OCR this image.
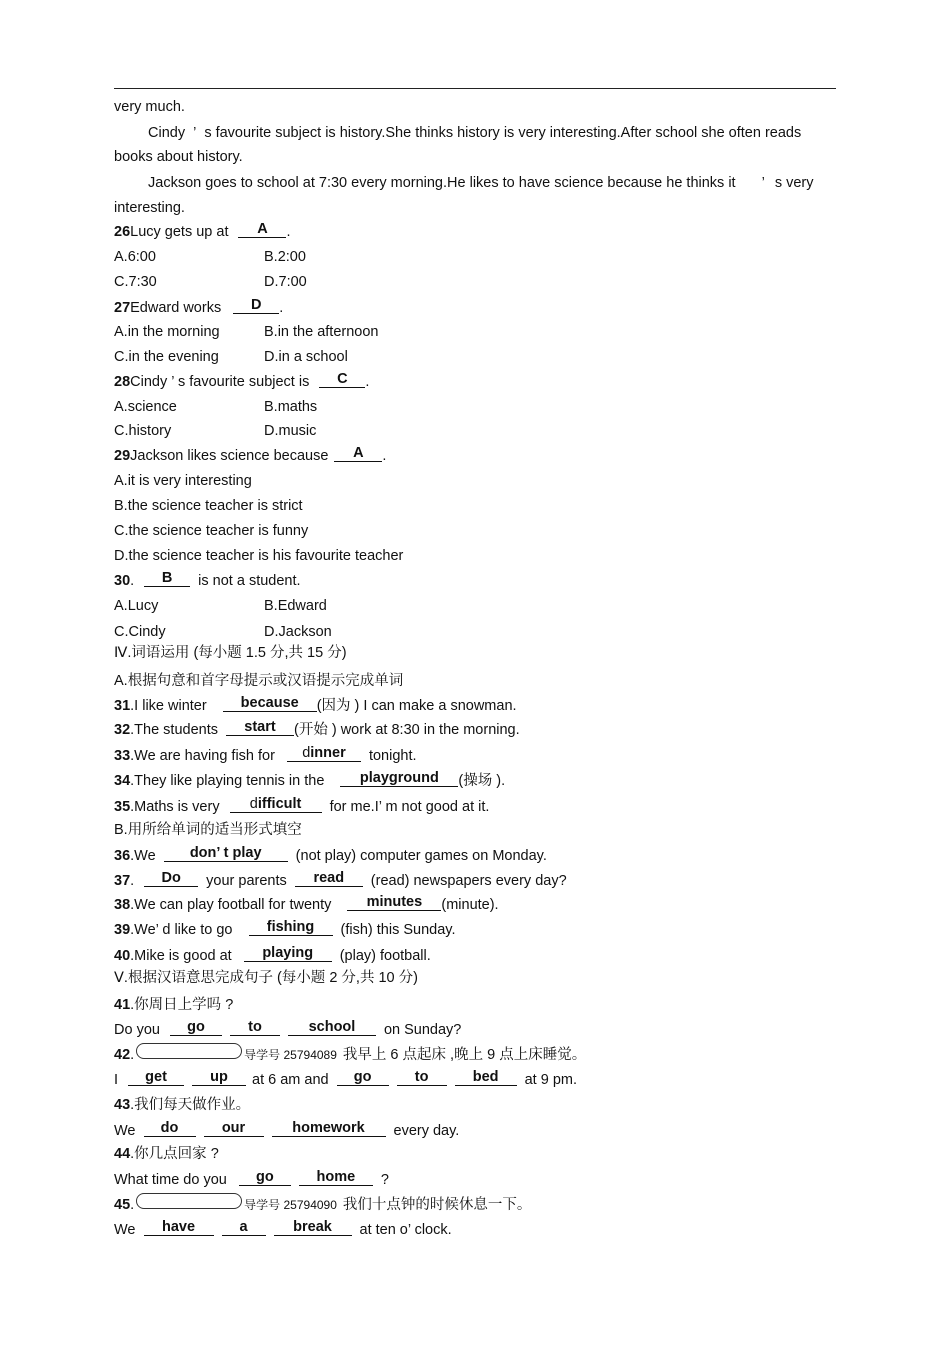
very much.
Cindy ’ s favourite subject is history.She thinks history is very interesting.After school she often reads
books about history.
Jackson goes to school at 7:30 every morning.He likes to have science because he thinks it ’ s very
interesting.
26Lucy gets up at A .
A.6:00	B.2:00
C.7:30	D.7:00
27Edward works D .
A.in the morning	B.in the afternoon
C.in the evening	D.in a school
28Cindy ’ s favourite subject is C .
A.science	B.maths
C.history	D.music
29Jackson likes science because A .
A.it is very interesting
B.the science teacher is strict
C.the science teacher is funny
D.the science teacher is his favourite teacher
30. B is not a student.
A.Lucy	B.Edward
C.Cindy	D.Jackson
Ⅳ.词语运用 (每小题 1.5 分,共 15 分)
A.根据句意和首字母提示或汉语提示完成单词
31.I like winter because (因为 ) I can make a snowman.
32.The students start (开始 ) work at 8:30 in the morning.
33.We are having fish for dinner tonight.
34.They like playing tennis in the playground (操场 ).
35.Maths is very difficult for me.I’ m not good at it.
B.用所给单词的适当形式填空
36.We don’ t play (not play) computer games on Monday.
37. Do your parents read (read) newspapers every day?
38.We can play football for twenty minutes (minute).
39.We’ d like to go fishing (fish) this Sunday.
40.Mike is good at playing (play) football.
Ⅴ.根据汉语意思完成句子 (每小题 2 分,共 10 分)
41.你周日上学吗 ?
Do you go	to	school on Sunday?
42.	导学号 25794089 我早上 6 点起床 ,晚上 9 点上床睡觉。
I get	up at 6 am and go	to	bed at 9 pm.
43.我们每天做作业。
We do	our	homework every day.
44.你几点回家 ?
What time do you go	home ?
45.	导学号 25794090 我们十点钟的时候休息一下。
We have	a	break at ten o’ clock.
